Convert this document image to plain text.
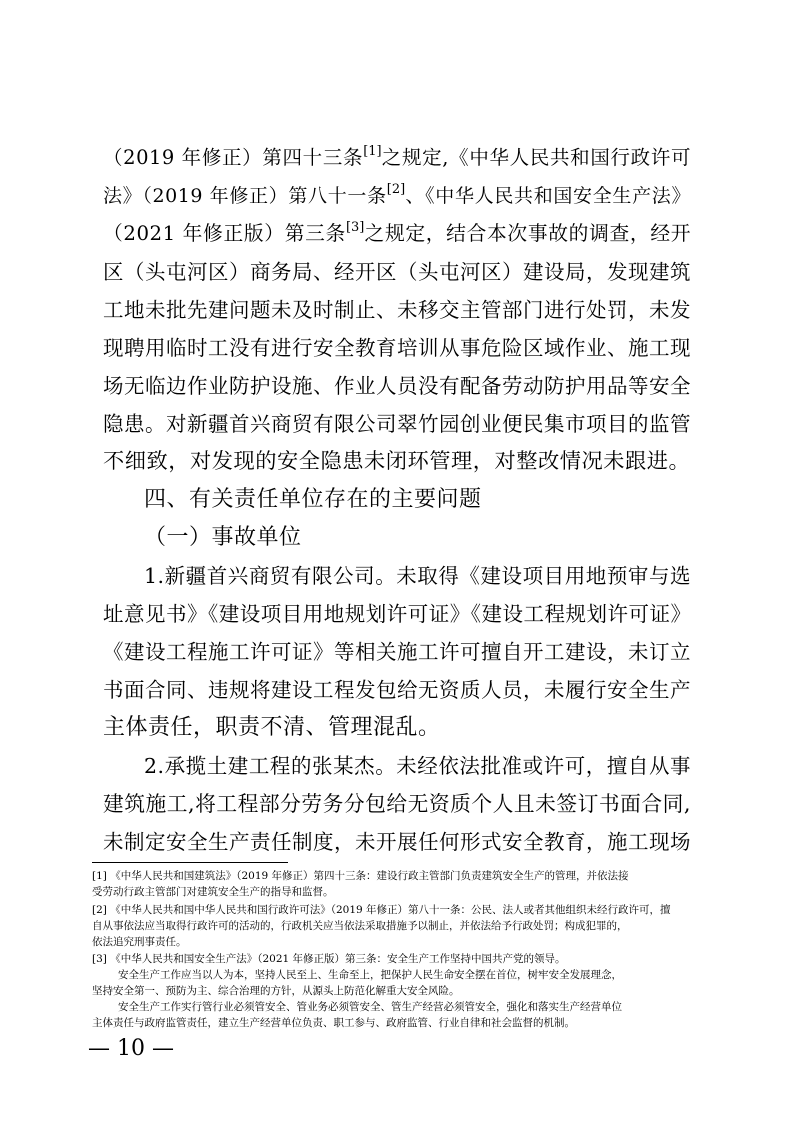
（2019 年修正）第四十三条[1]之规定,《中华人民共和国行政许可
法》（2019 年修正）第八十一条[2]、《中华人民共和国安全生产法》
（2021 年修正版）第三条[3]之规定，结合本次事故的调查，经开
区（头屯河区）商务局、经开区（头屯河区）建设局，发现建筑
工地未批先建问题未及时制止、未移交主管部门进行处罚，未发
现聘用临时工没有进行安全教育培训从事危险区域作业、施工现
场无临边作业防护设施、作业人员没有配备劳动防护用品等安全
隐患。对新疆首兴商贸有限公司翠竹园创业便民集市项目的监管
不细致，对发现的安全隐患未闭环管理，对整改情况未跟进。
四、有关责任单位存在的主要问题
（一）事故单位
1.新疆首兴商贸有限公司。未取得《建设项目用地预审与选
址意见书》《建设项目用地规划许可证》《建设工程规划许可证》
《建设工程施工许可证》等相关施工许可擅自开工建设，未订立
书面合同、违规将建设工程发包给无资质人员，未履行安全生产
主体责任，职责不清、管理混乱。
2.承揽土建工程的张某杰。未经依法批准或许可，擅自从事
建筑施工,将工程部分劳务分包给无资质个人且未签订书面合同,
未制定安全生产责任制度，未开展任何形式安全教育，施工现场
[1] 《中华人民共和国建筑法》（2019 年修正）第四十三条：建设行政主管部门负责建筑安全生产的管理，并依法接
受劳动行政主管部门对建筑安全生产的指导和监督。
[2] 《中华人民共和国中华人民共和国行政许可法》（2019 年修正）第八十一条：公民、法人或者其他组织未经行政许可，擅
自从事依法应当取得行政许可的活动的，行政机关应当依法采取措施予以制止，并依法给予行政处罚；构成犯罪的，
依法追究刑事责任。
[3] 《中华人民共和国安全生产法》（2021 年修正版）第三条：安全生产工作坚持中国共产党的领导。
安全生产工作应当以人为本，坚持人民至上、生命至上，把保护人民生命安全摆在首位，树牢安全发展理念，
坚持安全第一、预防为主、综合治理的方针，从源头上防范化解重大安全风险。
安全生产工作实行管行业必须管安全、管业务必须管安全、管生产经营必须管安全，强化和落实生产经营单位
主体责任与政府监管责任，建立生产经营单位负责、职工参与、政府监管、行业自律和社会监督的机制。
— 10 —
